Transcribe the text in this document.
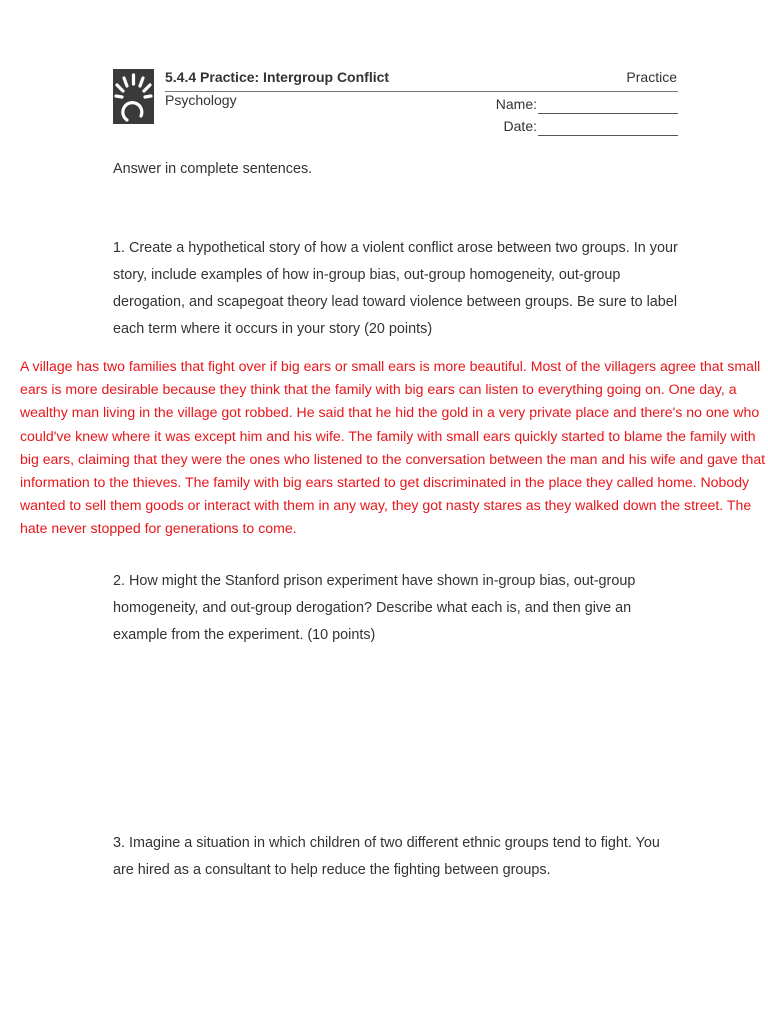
5.4.4 Practice: Intergroup Conflict	Practice
Psychology	Name:
Date:

Answer in complete sentences.

1. Create a hypothetical story of how a violent conflict arose between two groups. In your story, include examples of how in-group bias, out-group homogeneity, out-group derogation, and scapegoat theory lead toward violence between groups. Be sure to label each term where it occurs in your story (20 points)

A village has two families that fight over if big ears or small ears is more beautiful. Most of the villagers agree that small ears is more desirable because they think that the family with big ears can listen to everything going on. One day, a wealthy man living in the village got robbed. He said that he hid the gold in a very private place and there's no one who could've knew where it was except him and his wife. The family with small ears quickly started to blame the family with big ears, claiming that they were the ones who listened to the conversation between the man and his wife and gave that information to the thieves. The family with big ears started to get discriminated in the place they called home. Nobody wanted to sell them goods or interact with them in any way, they got nasty stares as they walked down the street. The hate never stopped for generations to come.

2. How might the Stanford prison experiment have shown in-group bias, out-group homogeneity, and out-group derogation? Describe what each is, and then give an example from the experiment. (10 points)

3. Imagine a situation in which children of two different ethnic groups tend to fight. You are hired as a consultant to help reduce the fighting between groups.
